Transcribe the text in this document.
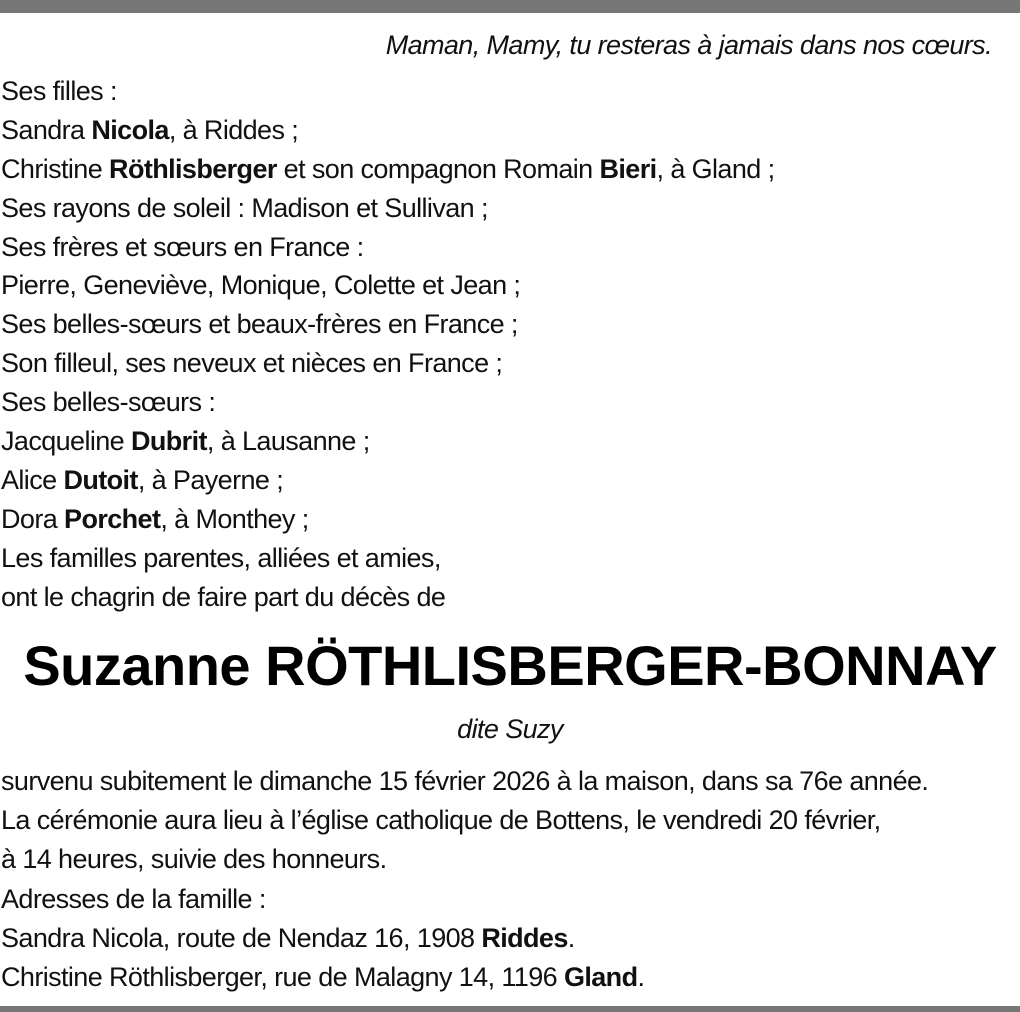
Maman, Mamy, tu resteras à jamais dans nos cœurs.
Ses filles :
Sandra Nicola, à Riddes ;
Christine Röthlisberger et son compagnon Romain Bieri, à Gland ;
Ses rayons de soleil : Madison et Sullivan ;
Ses frères et sœurs en France :
Pierre, Geneviève, Monique, Colette et Jean ;
Ses belles-sœurs et beaux-frères en France ;
Son filleul, ses neveux et nièces en France ;
Ses belles-sœurs :
Jacqueline Dubrit, à Lausanne ;
Alice Dutoit, à Payerne ;
Dora Porchet, à Monthey ;
Les familles parentes, alliées et amies,
ont le chagrin de faire part du décès de
Suzanne RÖTHLISBERGER-BONNAY
dite Suzy
survenu subitement le dimanche 15 février 2026 à la maison, dans sa 76e année.
La cérémonie aura lieu à l’église catholique de Bottens, le vendredi 20 février,
à 14 heures, suivie des honneurs.
Adresses de la famille :
Sandra Nicola, route de Nendaz 16, 1908 Riddes.
Christine Röthlisberger, rue de Malagny 14, 1196 Gland.
